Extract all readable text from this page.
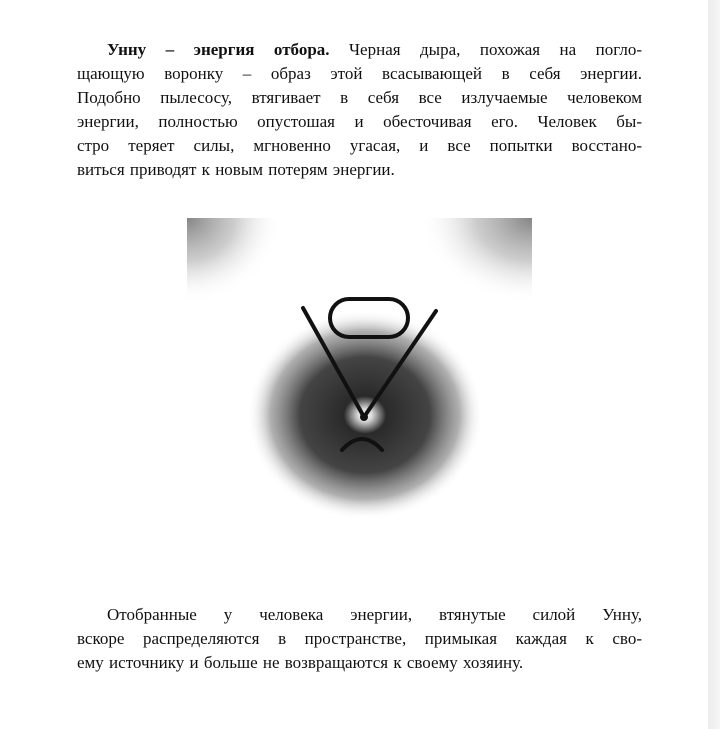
Унну – энергия отбора. Черная дыра, похожая на погло-
щающую воронку – образ этой всасывающей в себя энергии.
Подобно пылесосу, втягивает в себя все излучаемые человеком
энергии, полностью опустошая и обесточивая его. Человек бы-
стро теряет силы, мгновенно угасая, и все попытки восстано-
виться приводят к новым потерям энергии.
Отобранные у человека энергии, втянутые силой Унну,
вскоре распределяются в пространстве, примыкая каждая к сво-
ему источнику и больше не возвращаются к своему хозяину.
